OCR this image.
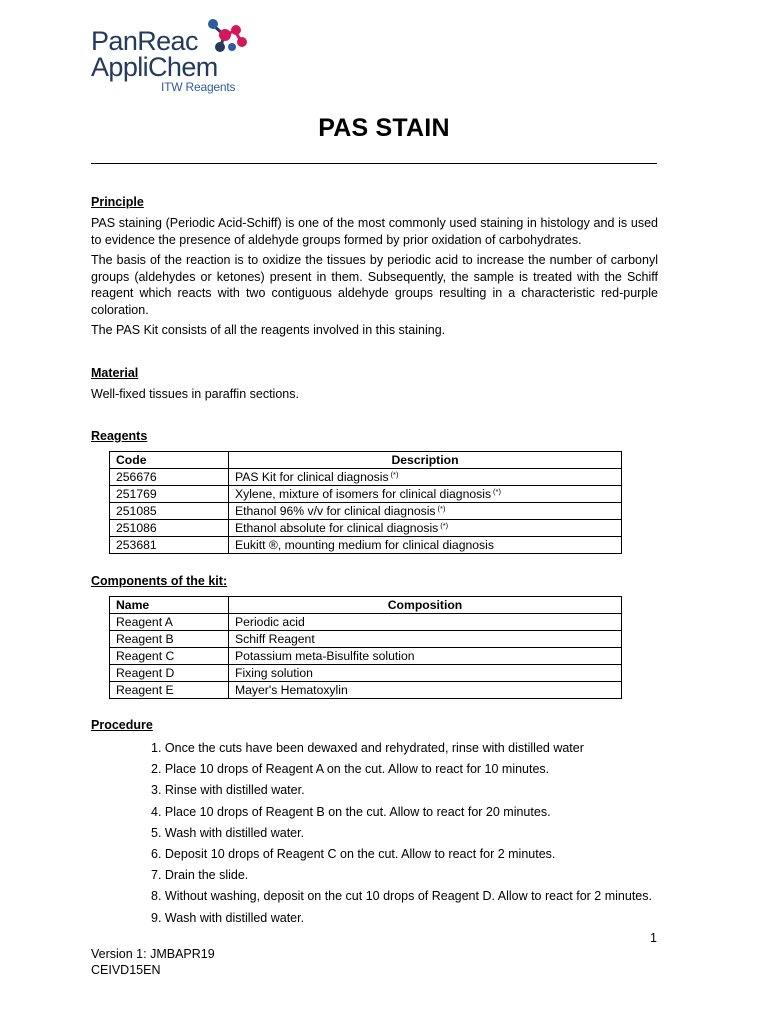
PanReac
AppliChem
ITW Reagents
PAS STAIN
Principle
PAS staining (Periodic Acid-Schiff) is one of the most commonly used staining in histology and is used to evidence the presence of aldehyde groups formed by prior oxidation of carbohydrates.
The basis of the reaction is to oxidize the tissues by periodic acid to increase the number of carbonyl groups (aldehydes or ketones) present in them. Subsequently, the sample is treated with the Schiff reagent which reacts with two contiguous aldehyde groups resulting in a characteristic red-purple coloration.
The PAS Kit consists of all the reagents involved in this staining.
Material
Well-fixed tissues in paraffin sections.
Reagents
Code	Description
256676	PAS Kit for clinical diagnosis (*)
251769	Xylene, mixture of isomers for clinical diagnosis (*)
251085	Ethanol 96% v/v for clinical diagnosis (*)
251086	Ethanol absolute for clinical diagnosis (*)
253681	Eukitt ®, mounting medium for clinical diagnosis
Components of the kit:
Name	Composition
Reagent A	Periodic acid
Reagent B	Schiff Reagent
Reagent C	Potassium meta-Bisulfite solution
Reagent D	Fixing solution
Reagent E	Mayer's Hematoxylin
Procedure
1. Once the cuts have been dewaxed and rehydrated, rinse with distilled water
2. Place 10 drops of Reagent A on the cut. Allow to react for 10 minutes.
3. Rinse with distilled water.
4. Place 10 drops of Reagent B on the cut. Allow to react for 20 minutes.
5. Wash with distilled water.
6. Deposit 10 drops of Reagent C on the cut. Allow to react for 2 minutes.
7. Drain the slide.
8. Without washing, deposit on the cut 10 drops of Reagent D. Allow to react for 2 minutes.
9. Wash with distilled water.
1
Version 1: JMBAPR19
CEIVD15EN
